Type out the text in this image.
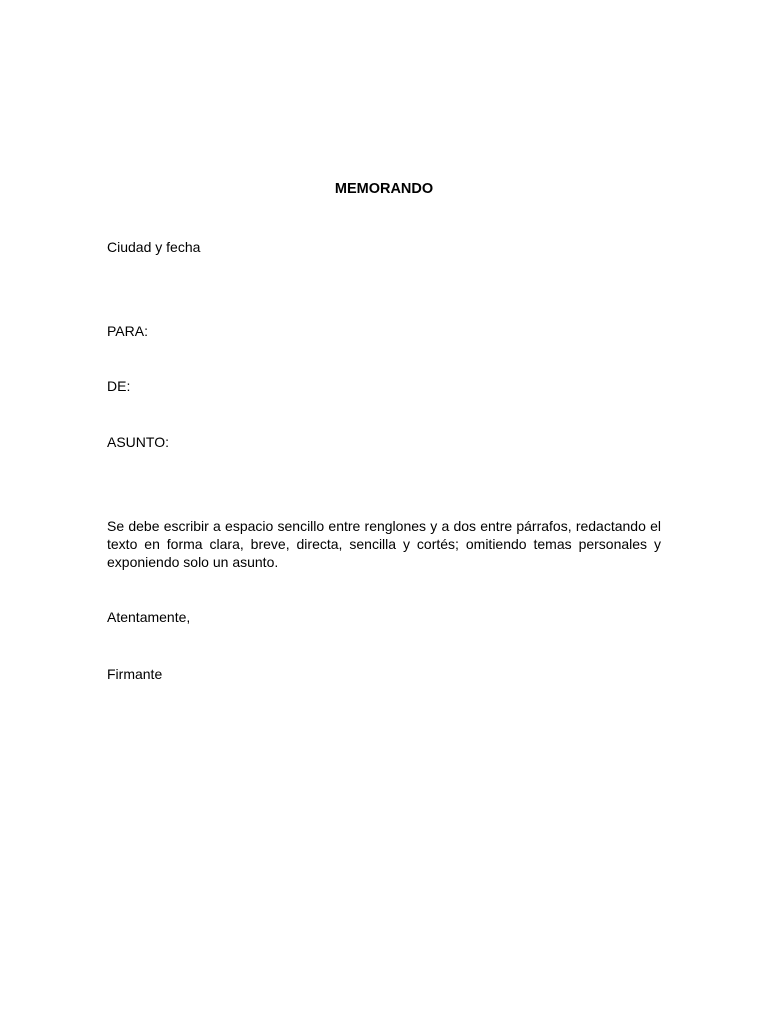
MEMORANDO
Ciudad y fecha
PARA:
DE:
ASUNTO:
Se debe escribir a espacio sencillo entre renglones y a dos entre párrafos, redactando el texto en forma clara, breve, directa, sencilla y cortés; omitiendo temas personales y exponiendo solo un asunto.
Atentamente,
Firmante
